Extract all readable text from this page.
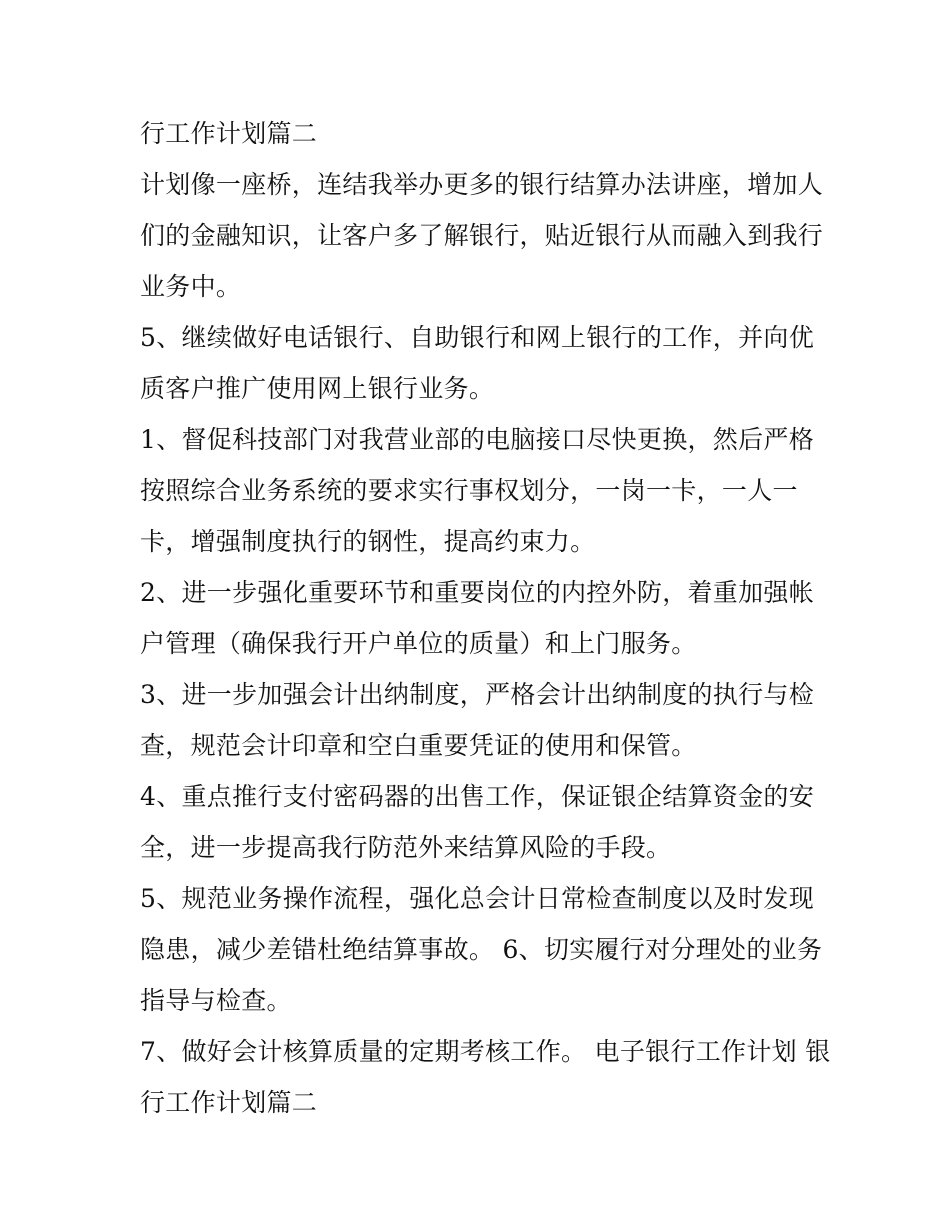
行工作计划篇二
计划像一座桥，连结我举办更多的银行结算办法讲座，增加人
们的金融知识，让客户多了解银行，贴近银行从而融入到我行
业务中。
5、继续做好电话银行、自助银行和网上银行的工作，并向优
质客户推广使用网上银行业务。
1、督促科技部门对我营业部的电脑接口尽快更换，然后严格
按照综合业务系统的要求实行事权划分，一岗一卡，一人一
卡，增强制度执行的钢性，提高约束力。
2、进一步强化重要环节和重要岗位的内控外防，着重加强帐
户管理（确保我行开户单位的质量）和上门服务。
3、进一步加强会计出纳制度，严格会计出纳制度的执行与检
查，规范会计印章和空白重要凭证的使用和保管。
4、重点推行支付密码器的出售工作，保证银企结算资金的安
全，进一步提高我行防范外来结算风险的手段。
5、规范业务操作流程，强化总会计日常检查制度以及时发现
隐患，减少差错杜绝结算事故。 6、切实履行对分理处的业务
指导与检查。
7、做好会计核算质量的定期考核工作。 电子银行工作计划 银
行工作计划篇二
